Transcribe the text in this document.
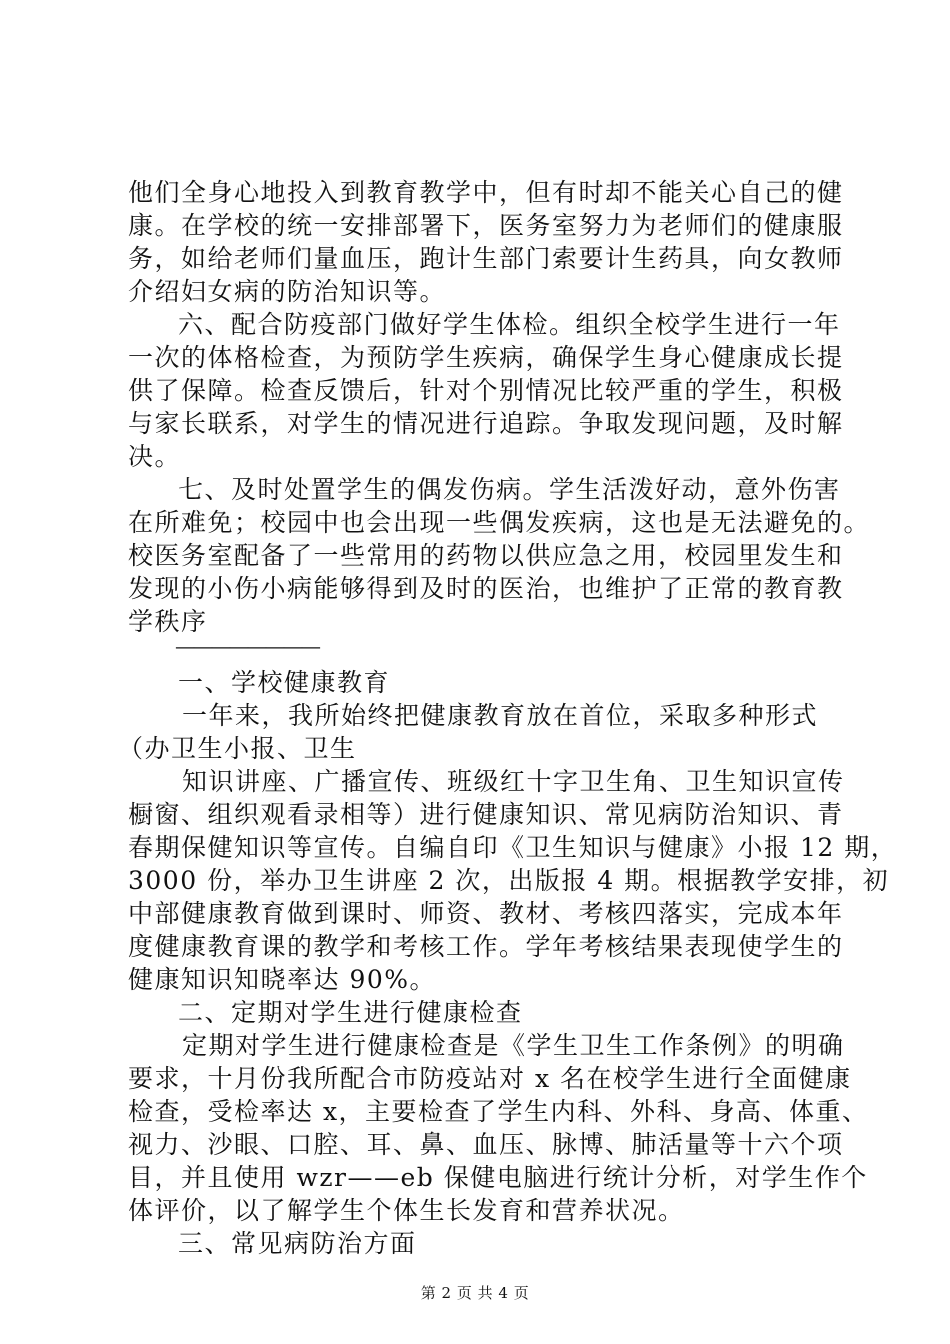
他们全身心地投入到教育教学中，但有时却不能关心自己的健
康。在学校的统一安排部署下，医务室努力为老师们的健康服
务，如给老师们量血压，跑计生部门索要计生药具，向女教师
介绍妇女病的防治知识等。
六、配合防疫部门做好学生体检。组织全校学生进行一年
一次的体格检查，为预防学生疾病，确保学生身心健康成长提
供了保障。检查反馈后，针对个别情况比较严重的学生，积极
与家长联系，对学生的情况进行追踪。争取发现问题，及时解
决。
七、及时处置学生的偶发伤病。学生活泼好动，意外伤害
在所难免；校园中也会出现一些偶发疾病，这也是无法避免的。
校医务室配备了一些常用的药物以供应急之用，校园里发生和
发现的小伤小病能够得到及时的医治，也维护了正常的教育教
学秩序
————————
一、学校健康教育
一年来，我所始终把健康教育放在首位，采取多种形式
（办卫生小报、卫生
知识讲座、广播宣传、班级红十字卫生角、卫生知识宣传
橱窗、组织观看录相等）进行健康知识、常见病防治知识、青
春期保健知识等宣传。自编自印《卫生知识与健康》小报 12 期，
3000 份，举办卫生讲座 2 次，出版报 4 期。根据教学安排，初
中部健康教育做到课时、师资、教材、考核四落实，完成本年
度健康教育课的教学和考核工作。学年考核结果表现使学生的
健康知识知晓率达 90%。
二、定期对学生进行健康检查
定期对学生进行健康检查是《学生卫生工作条例》的明确
要求，十月份我所配合市防疫站对 x 名在校学生进行全面健康
检查，受检率达 x，主要检查了学生内科、外科、身高、体重、
视力、沙眼、口腔、耳、鼻、血压、脉博、肺活量等十六个项
目，并且使用 wzr——eb 保健电脑进行统计分析，对学生作个
体评价，以了解学生个体生长发育和营养状况。
三、常见病防治方面
第 2 页 共 4 页
